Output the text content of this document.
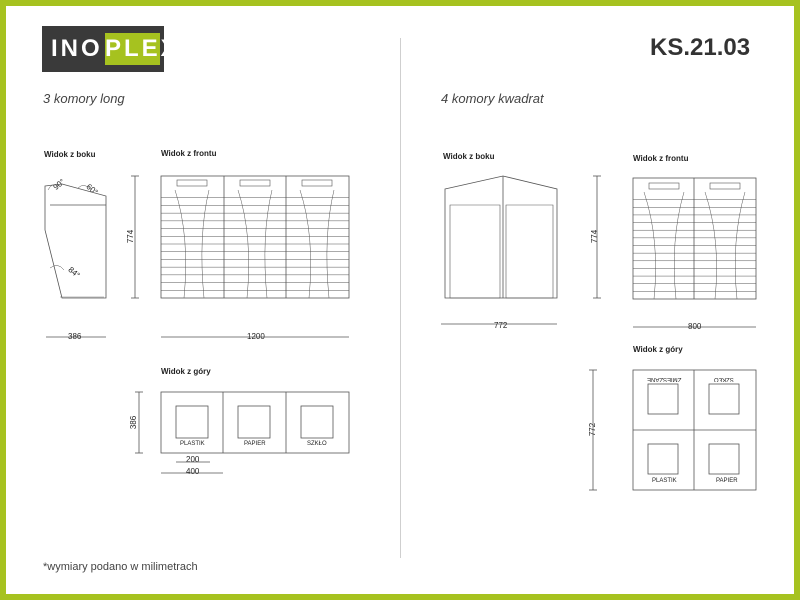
INO PLEX	KS.21.03
3 komory long	4 komory kwadrat
Widok z boku	Widok z frontu
Widok z góry
Widok z boku	Widok z frontu
Widok z góry
90° 60°
84°
774
386	1200
386
200
400
PLASTIK	PAPIER	SZKŁO
772
774
800
772
ZMIESZANE	SZKŁO
PLASTIK	PAPIER
*wymiary podano w milimetrach
